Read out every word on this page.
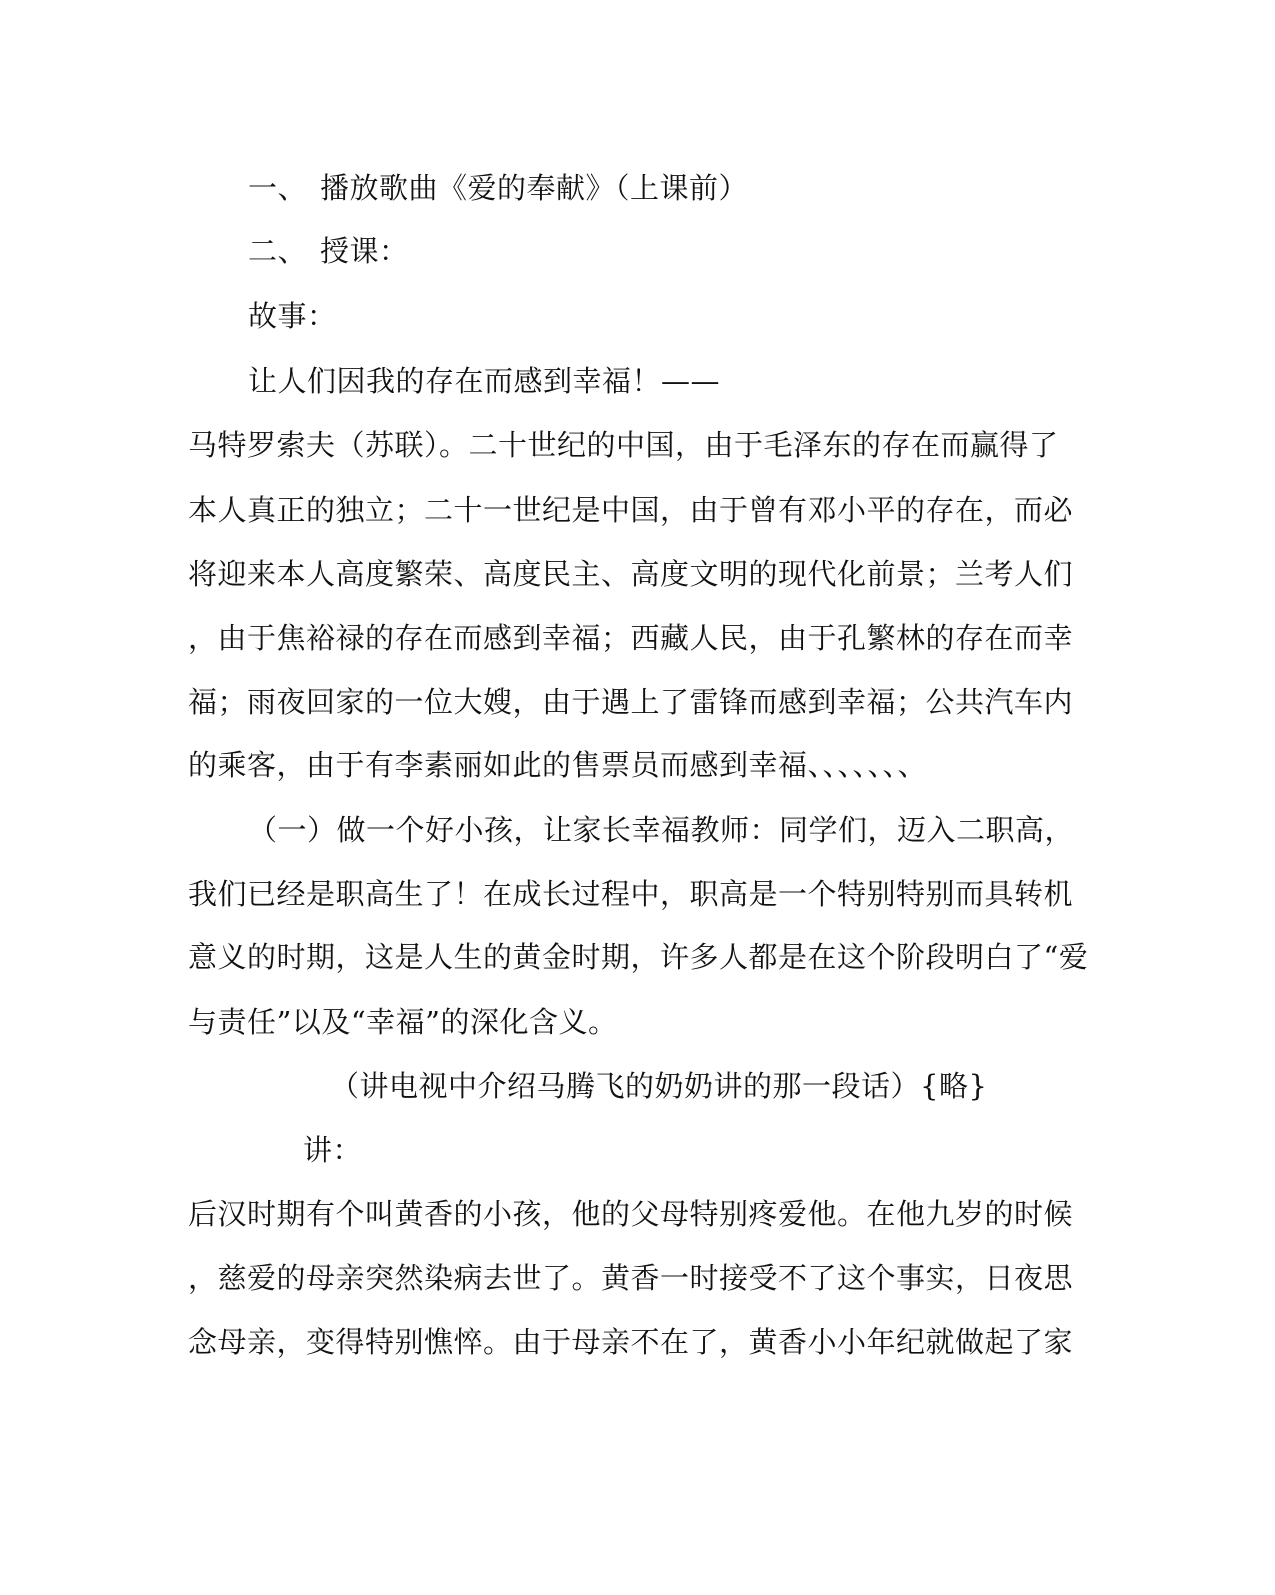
一、 播放歌曲《爱的奉献》（上课前）
二、 授课：
故事：
让人们因我的存在而感到幸福！——
马特罗索夫（苏联）。二十世纪的中国，由于毛泽东的存在而赢得了
本人真正的独立；二十一世纪是中国，由于曾有邓小平的存在，而必
将迎来本人高度繁荣、高度民主、高度文明的现代化前景；兰考人们
，由于焦裕禄的存在而感到幸福；西藏人民，由于孔繁林的存在而幸
福；雨夜回家的一位大嫂，由于遇上了雷锋而感到幸福；公共汽车内
的乘客，由于有李素丽如此的售票员而感到幸福、、、、、、、
（一）做一个好小孩，让家长幸福教师：同学们，迈入二职高，
我们已经是职高生了！在成长过程中，职高是一个特别特别而具转机
意义的时期，这是人生的黄金时期，许多人都是在这个阶段明白了“爱
与责任”以及“幸福”的深化含义。
（讲电视中介绍马腾飞的奶奶讲的那一段话）{略}
讲：
后汉时期有个叫黄香的小孩，他的父母特别疼爱他。在他九岁的时候
，慈爱的母亲突然染病去世了。黄香一时接受不了这个事实，日夜思
念母亲，变得特别憔悴。由于母亲不在了，黄香小小年纪就做起了家
